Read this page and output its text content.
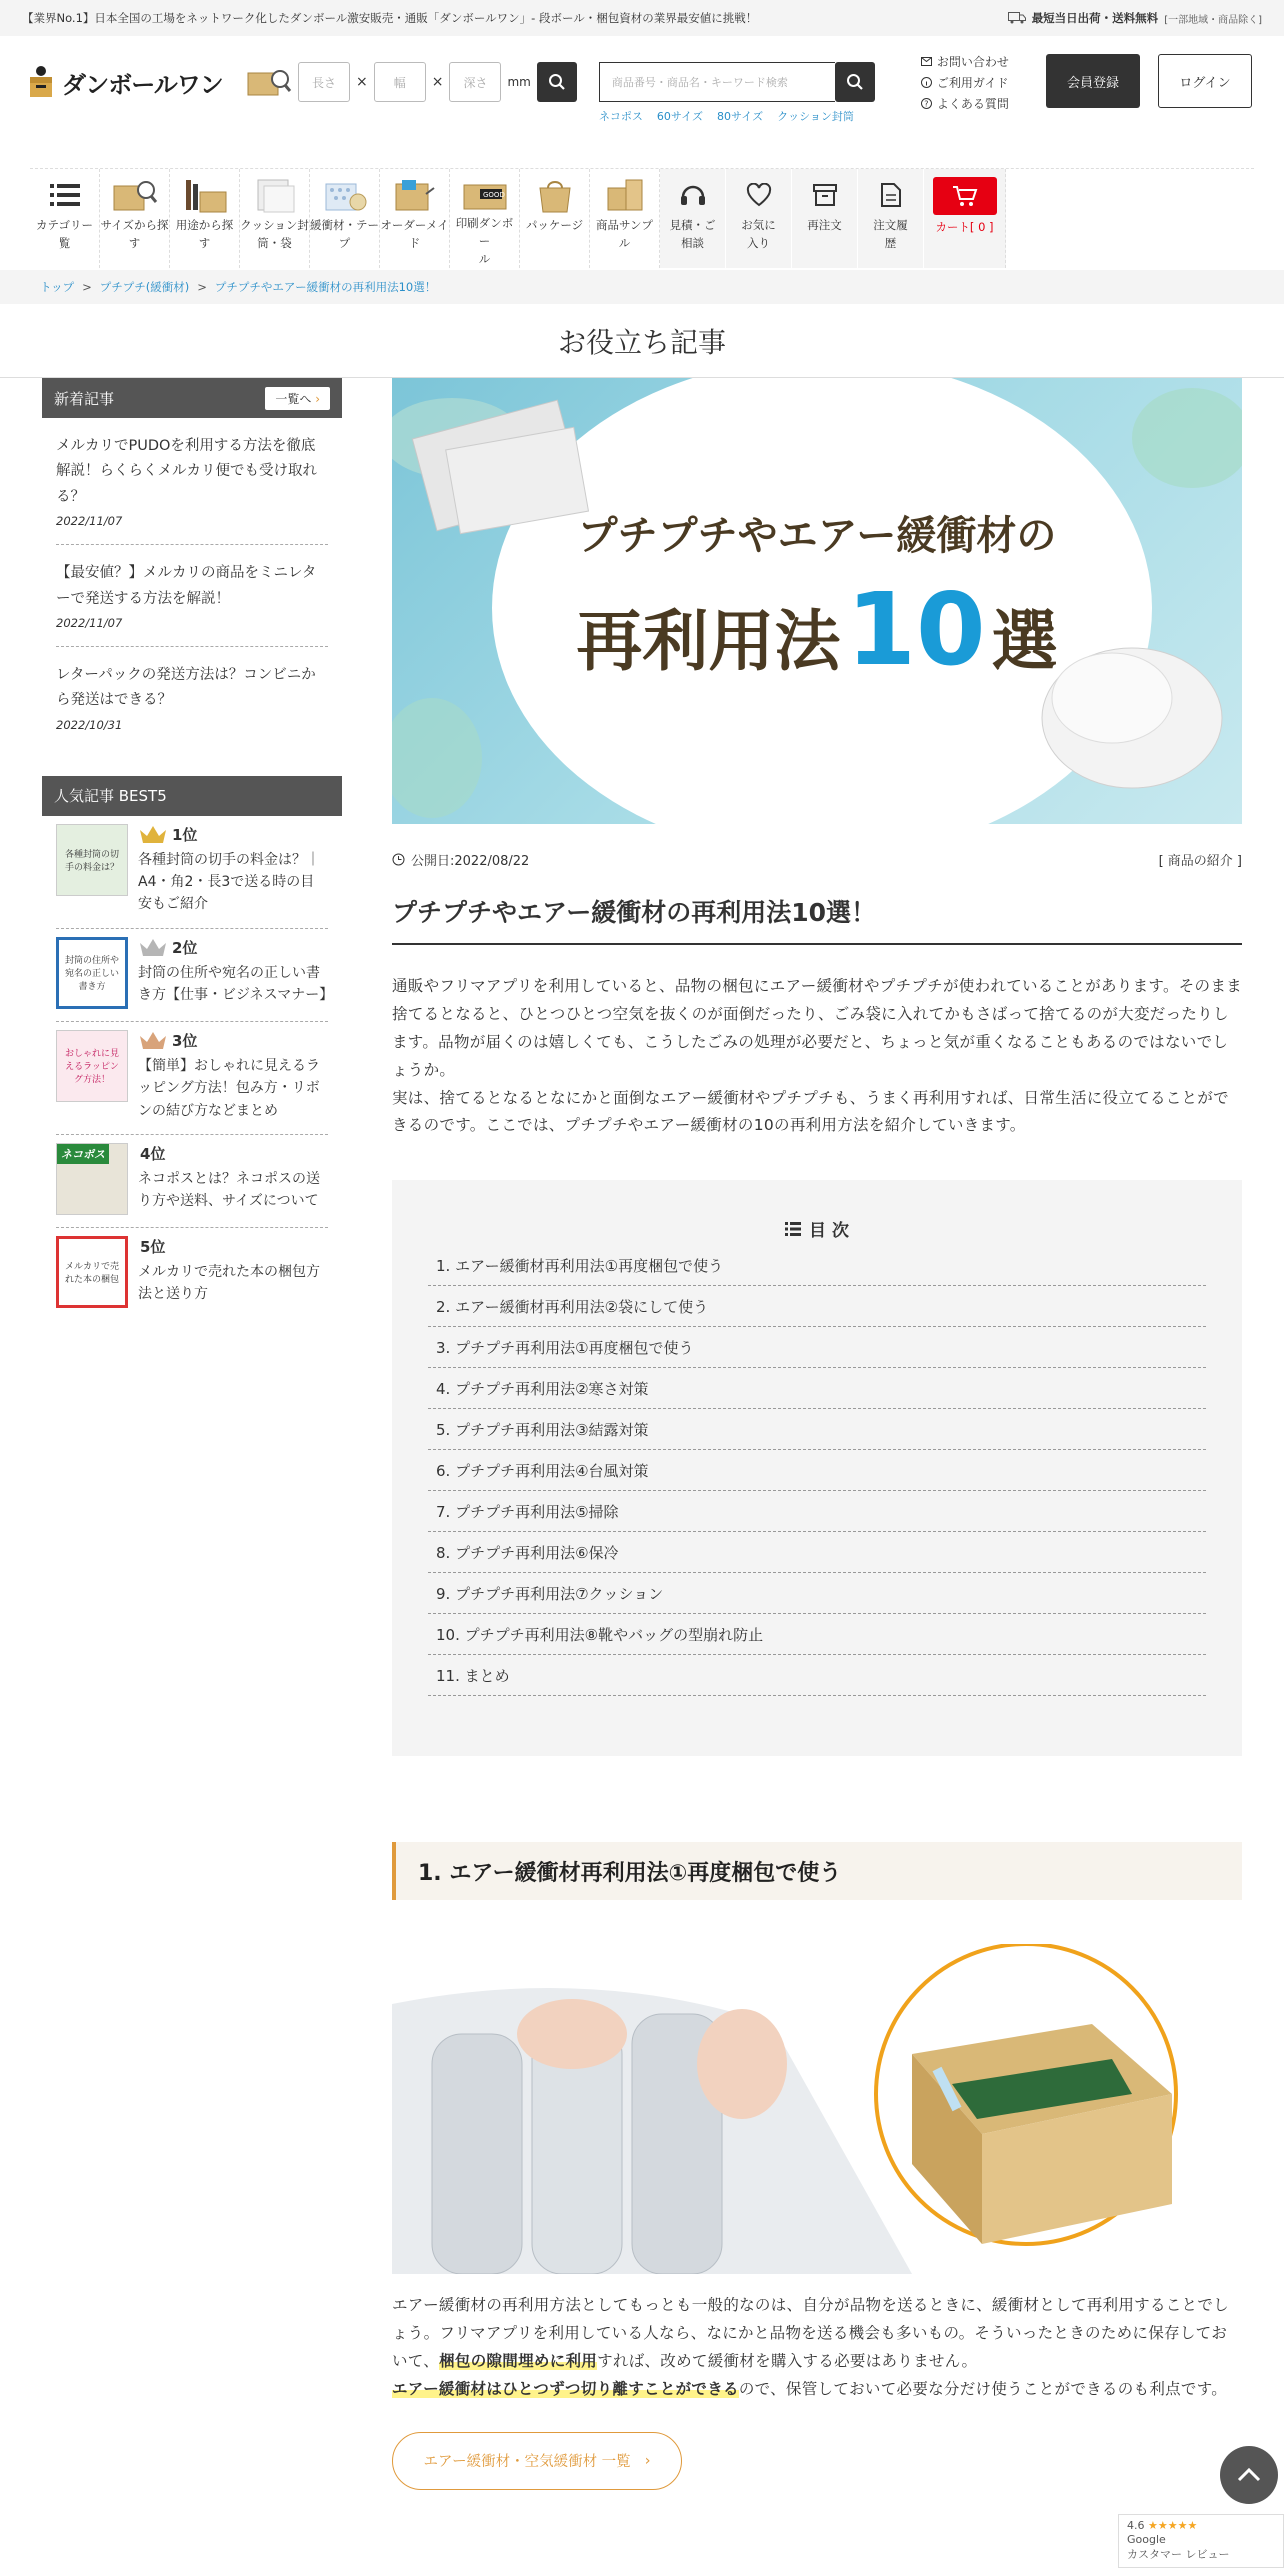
【業界No.1】日本全国の工場をネットワーク化したダンボール激安販売・通販「ダンボールワン」- 段ボール・梱包資材の業界最安値に挑戦！	最短当日出荷・送料無料 [一部地域・商品除く]
ダンボールワン	長さ	×	幅	×	深さ	mm	商品番号・商品名・キーワード検索
ネコポス 60サイズ 80サイズ クッション封筒
お問い合わせ
ご利用ガイド
? よくある質問
会員登録	ログイン
カテゴリー
覧
サイズから探
す
用途から探
す
クッション封
筒・袋
緩衝材・テー
プ
オーダーメイ
ド
GOOD
印刷ダンボー
ル
パッケージ 商品サンプ
ル
見積・ご
相談
お気に
入り
再注文	注文履
歴
カート[ 0 ]
トップ > プチプチ(緩衝材) > プチプチやエアー緩衝材の再利用法10選！
お役立ち記事
新着記事	一覧へ ›
メルカリでPUDOを利用する方法を徹底解説！らくらくメルカリ便でも受け取れる？
2022/11/07
【最安値？】メルカリの商品をミニレターで発送する方法を解説！
2022/11/07
レターパックの発送方法は？コンビニから発送はできる？
2022/10/31
人気記事 BEST5
各種封筒の切手の料金は？
1位
各種封筒の切手の料金は？｜A4・角2・長3で送る時の目安もご紹介
封筒の住所や宛名の正しい書き方
2位
封筒の住所や宛名の正しい書き方【仕事・ビジネスマナー】
おしゃれに見えるラッピング方法！
3位
【簡単】おしゃれに見えるラッピング方法！包み方・リボンの結び方などまとめ
ネコポス 4位
ネコポスとは？ネコポスの送り方や送料、サイズについて
メルカリで売れた本の梱包
5位
メルカリで売れた本の梱包方法と送り方
プチプチやエアー緩衝材の
再利用法 10 選
公開日:2022/08/22	[ 商品の紹介 ]
プチプチやエアー緩衝材の再利用法10選！

通販やフリマアプリを利用していると、品物の梱包にエアー緩衝材やプチプチが使われていることがあります。そのまま捨てるとなると、ひとつひとつ空気を抜くのが面倒だったり、ごみ袋に入れてかもさばって捨てるのが大変だったりします。品物が届くのは嬉しくても、こうしたごみの処理が必要だと、ちょっと気が重くなることもあるのではないでしょうか。

実は、捨てるとなるとなにかと面倒なエアー緩衝材やプチプチも、うまく再利用すれば、日常生活に役立てることができるのです。ここでは、プチプチやエアー緩衝材の10の再利用方法を紹介していきます。

目 次
1. エアー緩衝材再利用法①再度梱包で使う
2. エアー緩衝材再利用法②袋にして使う
3. プチプチ再利用法①再度梱包で使う
4. プチプチ再利用法②寒さ対策
5. プチプチ再利用法③結露対策
6. プチプチ再利用法④台風対策
7. プチプチ再利用法⑤掃除
8. プチプチ再利用法⑥保冷
9. プチプチ再利用法⑦クッション
10. プチプチ再利用法⑧靴やバッグの型崩れ防止
11. まとめ
1. エアー緩衝材再利用法①再度梱包で使う
エアー緩衝材の再利用方法としてもっとも一般的なのは、自分が品物を送るときに、緩衝材として再利用することでしょう。フリマアプリを利用している人なら、なにかと品物を送る機会も多いもの。そういったときのために保存しておいて、梱包の隙間埋めに利用すれば、改めて緩衝材を購入する必要はありません。
エアー緩衝材はひとつずつ切り離すことができるので、保管しておいて必要な分だけ使うことができるのも利点です。
エアー緩衝材・空気緩衝材 一覧 ›
4.6 ★★★★★
Google
カスタマー レビュー
